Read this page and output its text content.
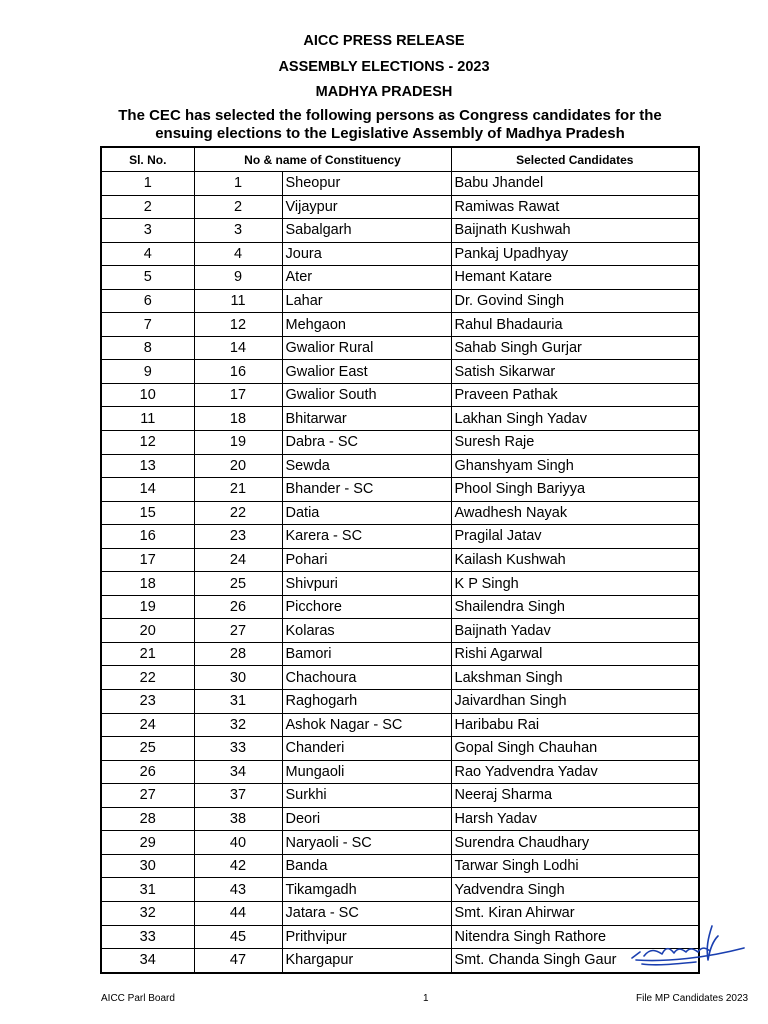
AICC PRESS RELEASE
ASSEMBLY ELECTIONS - 2023
MADHYA PRADESH
The CEC has selected the following persons as Congress candidates for the ensuing elections to the Legislative Assembly of Madhya Pradesh
Sl. No.	No & name of Constituency		Selected Candidates
1	1	Sheopur	Babu Jhandel
2	2	Vijaypur	Ramiwas Rawat
3	3	Sabalgarh	Baijnath Kushwah
4	4	Joura	Pankaj Upadhyay
5	9	Ater	Hemant Katare
6	11	Lahar	Dr. Govind Singh
7	12	Mehgaon	Rahul Bhadauria
8	14	Gwalior Rural	Sahab Singh Gurjar
9	16	Gwalior East	Satish Sikarwar
10	17	Gwalior South	Praveen Pathak
11	18	Bhitarwar	Lakhan Singh Yadav
12	19	Dabra - SC	Suresh Raje
13	20	Sewda	Ghanshyam Singh
14	21	Bhander - SC	Phool Singh Bariyya
15	22	Datia	Awadhesh Nayak
16	23	Karera - SC	Pragilal Jatav
17	24	Pohari	Kailash Kushwah
18	25	Shivpuri	K P Singh
19	26	Picchore	Shailendra Singh
20	27	Kolaras	Baijnath Yadav
21	28	Bamori	Rishi Agarwal
22	30	Chachoura	Lakshman Singh
23	31	Raghogarh	Jaivardhan Singh
24	32	Ashok Nagar - SC	Haribabu Rai
25	33	Chanderi	Gopal Singh Chauhan
26	34	Mungaoli	Rao Yadvendra Yadav
27	37	Surkhi	Neeraj Sharma
28	38	Deori	Harsh Yadav
29	40	Naryaoli - SC	Surendra Chaudhary
30	42	Banda	Tarwar Singh Lodhi
31	43	Tikamgadh	Yadvendra Singh
32	44	Jatara - SC	Smt. Kiran Ahirwar
33	45	Prithvipur	Nitendra Singh Rathore
34	47	Khargapur	Smt. Chanda Singh Gaur
AICC Parl Board	1	File MP Candidates 2023
